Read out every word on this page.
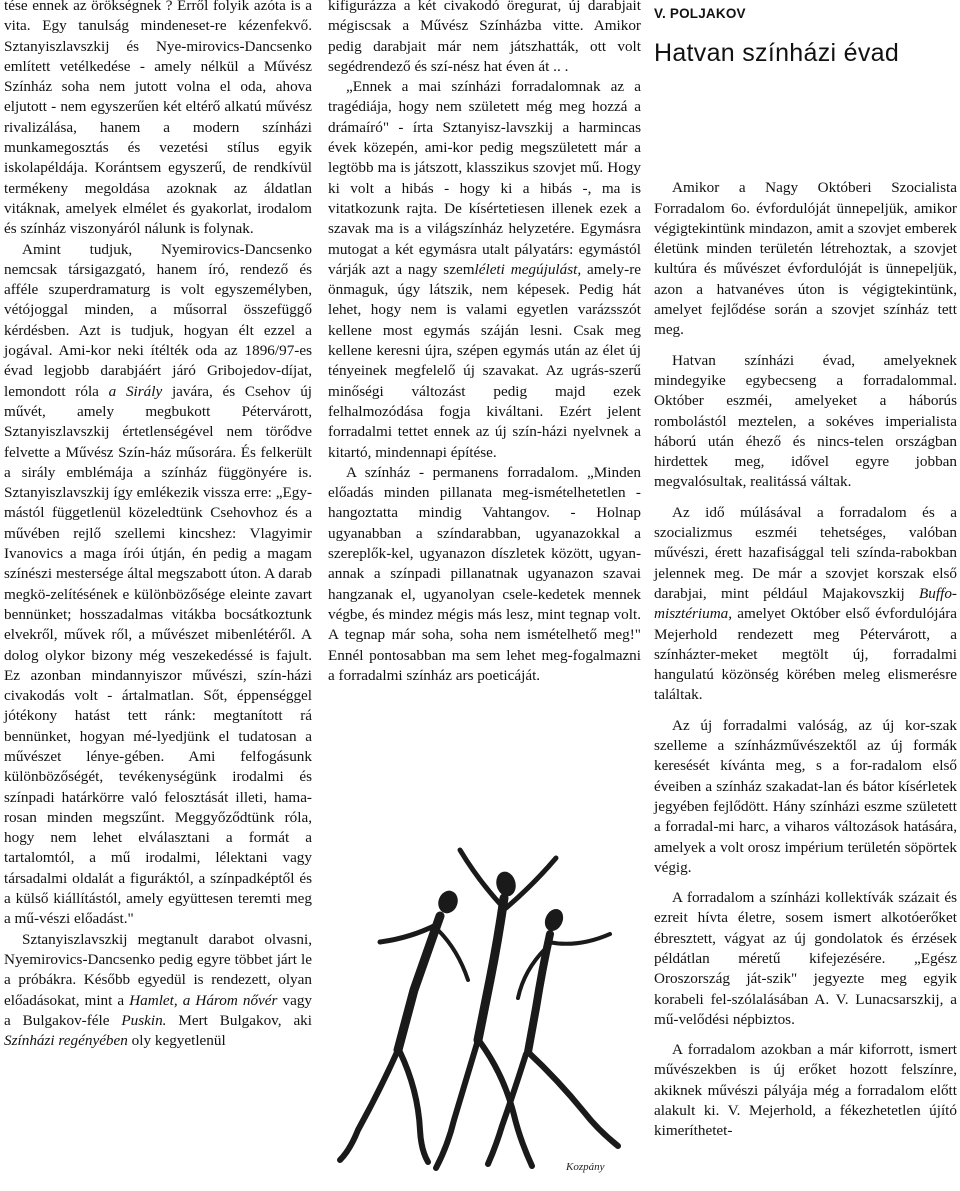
tése ennek az örökségnek ? Erről folyik azóta is a vita. Egy tanulság mindeneset-re kézenfekvő. Sztanyiszlavszkij és Nye-mirovics-Dancsenko említett vetélkedése - amely nélkül a Művész Színház soha nem jutott volna el oda, ahova eljutott - nem egyszerűen két eltérő alkatú művész rivalizálása, hanem a modern színházi munkamegosztás és vezetési stílus egyik iskolapéldája. Korántsem egyszerű, de rendkívül termékeny megoldása azoknak az áldatlan vitáknak, amelyek elmélet és gyakorlat, irodalom és színház viszonyáról nálunk is folynak.

Amint tudjuk, Nyemirovics-Dancsenko nemcsak társigazgató, hanem író, rendező és afféle szuperdramaturg is volt egyszemélyben, vétójoggal minden, a műsorral összefüggő kérdésben. Azt is tudjuk, hogyan élt ezzel a jogával. Ami-kor neki ítélték oda az 1896/97-es évad legjobb darabjáért járó Gribojedov-díjat, lemondott róla a Sirály javára, és Csehov új művét, amely megbukott Pétervárott, Sztanyiszlavszkij értetlenségével nem törődve felvette a Művész Szín-ház műsorára. És felkerült a sirály emblémája a színház függönyére is. Sztanyiszlavszkij így emlékezik vissza erre: „Egy-mástól függetlenül közeledtünk Csehovhoz és a művében rejlő szellemi kincshez: Vlagyimir Ivanovics a maga írói útján, én pedig a magam színészi mestersége által megszabott úton. A darab megkö-zelítésének e különbözősége eleinte zavart bennünket; hosszadalmas vitákba bocsátkoztunk elvekről, művek ről, a művészet mibenlétéről. A dolog olykor bizony még veszekedéssé is fajult. Ez azonban mindannyiszor művészi, szín-házi civakodás volt - ártalmatlan. Sőt, éppenséggel jótékony hatást tett ránk: megtanított rá bennünket, hogyan mé-lyedjünk el tudatosan a művészet lénye-gében. Ami felfogásunk különbözőségét, tevékenységünk irodalmi és színpadi határkörre való felosztását illeti, hama-rosan minden megszűnt. Meggyőződtünk róla, hogy nem lehet elválasztani a formát a tartalomtól, a mű irodalmi, lélektani vagy társadalmi oldalát a figuráktól, a színpadképtől és a külső kiállítástól, amely együttesen teremti meg a mű-vészi előadást."

Sztanyiszlavszkij megtanult darabot olvasni, Nyemirovics-Dancsenko pedig egyre többet járt le a próbákra. Később egyedül is rendezett, olyan előadásokat, mint a Hamlet, a Három nővér vagy a Bulgakov-féle Puskin. Mert Bulgakov, aki Színházi regényében oly kegyetlenül

kifigurázza a két civakodó öregurat, új darabjait mégiscsak a Művész Színházba vitte. Amikor pedig darabjait már nem játszhatták, ott volt segédrendező és szí-nész hat éven át .. .

„Ennek a mai színházi forradalomnak az a tragédiája, hogy nem született még meg hozzá a drámaíró" - írta Sztanyisz-lavszkij a harmincas évek közepén, ami-kor pedig megszületett már a legtöbb ma is játszott, klasszikus szovjet mű. Hogy ki volt a hibás - hogy ki a hibás -, ma is vitatkozunk rajta. De kísértetiesen illenek ezek a szavak ma is a világszínház helyzetére. Egymásra mutogat a két egymásra utalt pályatárs: egymástól várják azt a nagy szemléleti megújulást, amely-re önmaguk, úgy látszik, nem képesek. Pedig hát lehet, hogy nem is valami egyetlen varázsszót kellene most egymás száján lesni. Csak meg kellene keresni újra, szépen egymás után az élet új tényeinek megfelelő új szavakat. Az ugrás-szerű minőségi változást pedig majd ezek felhalmozódása fogja kiváltani. Ezért jelent forradalmi tettet ennek az új szín-házi nyelvnek a kitartó, mindennapi építése.

A színház - permanens forradalom. „Minden előadás minden pillanata meg-ismételhetetlen - hangoztatta mindig Vahtangov. - Holnap ugyanabban a színdarabban, ugyanazokkal a szereplők-kel, ugyanazon díszletek között, ugyan-annak a színpadi pillanatnak ugyanazon szavai hangzanak el, ugyanolyan csele-kedetek mennek végbe, és mindez mégis más lesz, mint tegnap volt. A tegnap már soha, soha nem ismételhető meg!" Ennél pontosabban ma sem lehet meg-fogalmazni a forradalmi színház ars poeticáját.

Kozpány
V. POLJAKOV
Hatvan színházi évad

Amikor a Nagy Októberi Szocialista Forradalom 6o. évfordulóját ünnepeljük, amikor végigtekintünk mindazon, amit a szovjet emberek életünk minden területén létrehoztak, a szovjet kultúra és művészet évfordulóját is ünnepeljük, azon a hatvanéves úton is végigtekintünk, amelyet fejlődése során a szovjet színház tett meg.

Hatvan színházi évad, amelyeknek mindegyike egybecseng a forradalommal. Október eszméi, amelyeket a háborús rombolástól meztelen, a sokéves imperialista háború után éhező és nincs-telen országban hirdettek meg, idővel egyre jobban megvalósultak, realitássá váltak.

Az idő múlásával a forradalom és a szocializmus eszméi tehetséges, valóban művészi, érett hazafisággal teli színda-rabokban jelennek meg. De már a szovjet korszak első darabjai, mint például Majakovszkij Buffo-misztériuma, amelyet Október első évfordulójára Mejerhold rendezett meg Pétervárott, a színházter-meket megtölt új, forradalmi hangulatú közönség körében meleg elismerésre találtak.

Az új forradalmi valóság, az új kor-szak szelleme a színházművészektől az új formák keresését kívánta meg, s a for-radalom első éveiben a színház szakadat-lan és bátor kísérletek jegyében fejlődött. Hány színházi eszme született a forradal-mi harc, a viharos változások hatására, amelyek a volt orosz impérium területén söpörtek végig.

A forradalom a színházi kollektívák százait és ezreit hívta életre, sosem ismert alkotóerőket ébresztett, vágyat az új gondolatok és érzések példátlan méretű kifejezésére. „Egész Oroszország ját-szik" jegyezte meg egyik korabeli fel-szólalásában A. V. Lunacsarszkij, a mű-velődési népbiztos.

A forradalom azokban a már kiforrott, ismert művészekben is új erőket hozott felszínre, akiknek művészi pályája még a forradalom előtt alakult ki. V. Mejerhold, a fékezhetetlen újító kimeríthetet-
